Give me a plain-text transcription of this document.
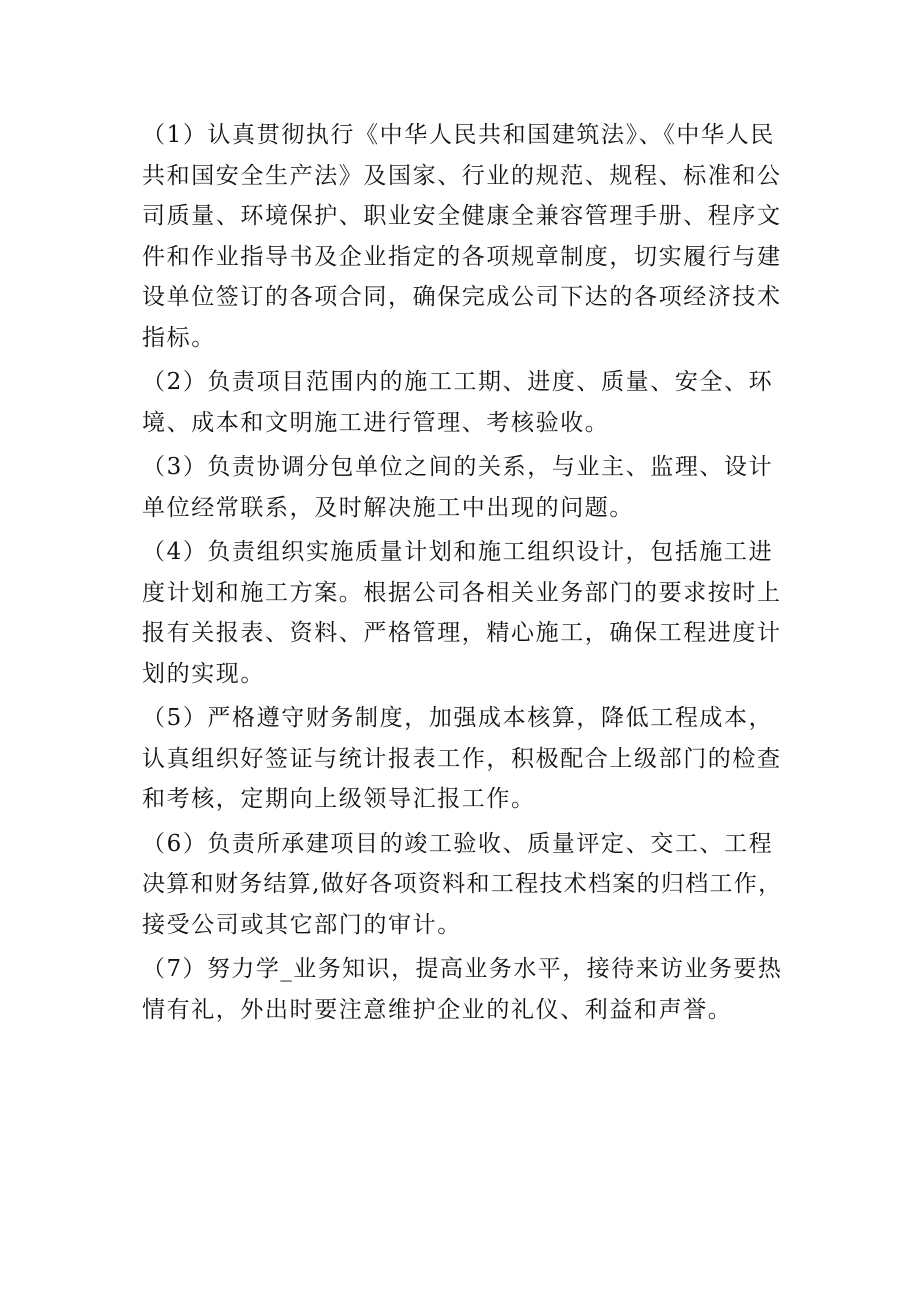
（1）认真贯彻执行《中华人民共和国建筑法》、《中华人民
共和国安全生产法》及国家、行业的规范、规程、标准和公
司质量、环境保护、职业安全健康全兼容管理手册、程序文
件和作业指导书及企业指定的各项规章制度，切实履行与建
设单位签订的各项合同，确保完成公司下达的各项经济技术
指标。
（2）负责项目范围内的施工工期、进度、质量、安全、环
境、成本和文明施工进行管理、考核验收。
（3）负责协调分包单位之间的关系，与业主、监理、设计
单位经常联系，及时解决施工中出现的问题。
（4）负责组织实施质量计划和施工组织设计，包括施工进
度计划和施工方案。根据公司各相关业务部门的要求按时上
报有关报表、资料、严格管理，精心施工，确保工程进度计
划的实现。
（5）严格遵守财务制度，加强成本核算，降低工程成本，
认真组织好签证与统计报表工作，积极配合上级部门的检查
和考核，定期向上级领导汇报工作。
（6）负责所承建项目的竣工验收、质量评定、交工、工程
决算和财务结算,做好各项资料和工程技术档案的归档工作，
接受公司或其它部门的审计。
（7）努力学_业务知识，提高业务水平，接待来访业务要热
情有礼，外出时要注意维护企业的礼仪、利益和声誉。
